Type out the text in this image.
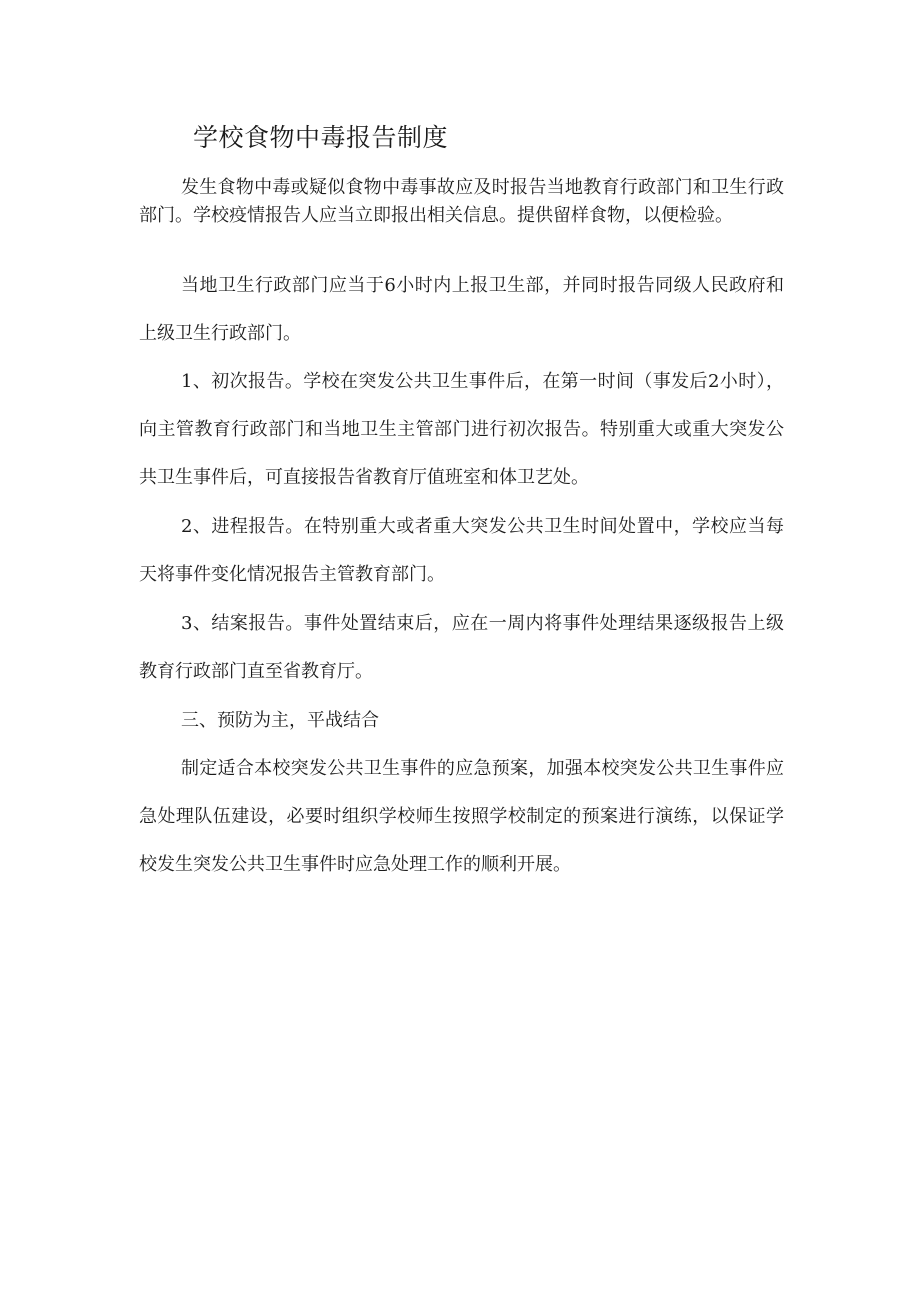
学校食物中毒报告制度

发生食物中毒或疑似食物中毒事故应及时报告当地教育行政部门和卫生行政部门。学校疫情报告人应当立即报出相关信息。提供留样食物，以便检验。

当地卫生行政部门应当于6小时内上报卫生部，并同时报告同级人民政府和上级卫生行政部门。

1、初次报告。学校在突发公共卫生事件后，在第一时间（事发后2小时），向主管教育行政部门和当地卫生主管部门进行初次报告。特别重大或重大突发公共卫生事件后，可直接报告省教育厅值班室和体卫艺处。

2、进程报告。在特别重大或者重大突发公共卫生时间处置中，学校应当每天将事件变化情况报告主管教育部门。

3、结案报告。事件处置结束后，应在一周内将事件处理结果逐级报告上级教育行政部门直至省教育厅。

三、预防为主，平战结合

制定适合本校突发公共卫生事件的应急预案，加强本校突发公共卫生事件应急处理队伍建设，必要时组织学校师生按照学校制定的预案进行演练，以保证学校发生突发公共卫生事件时应急处理工作的顺利开展。
